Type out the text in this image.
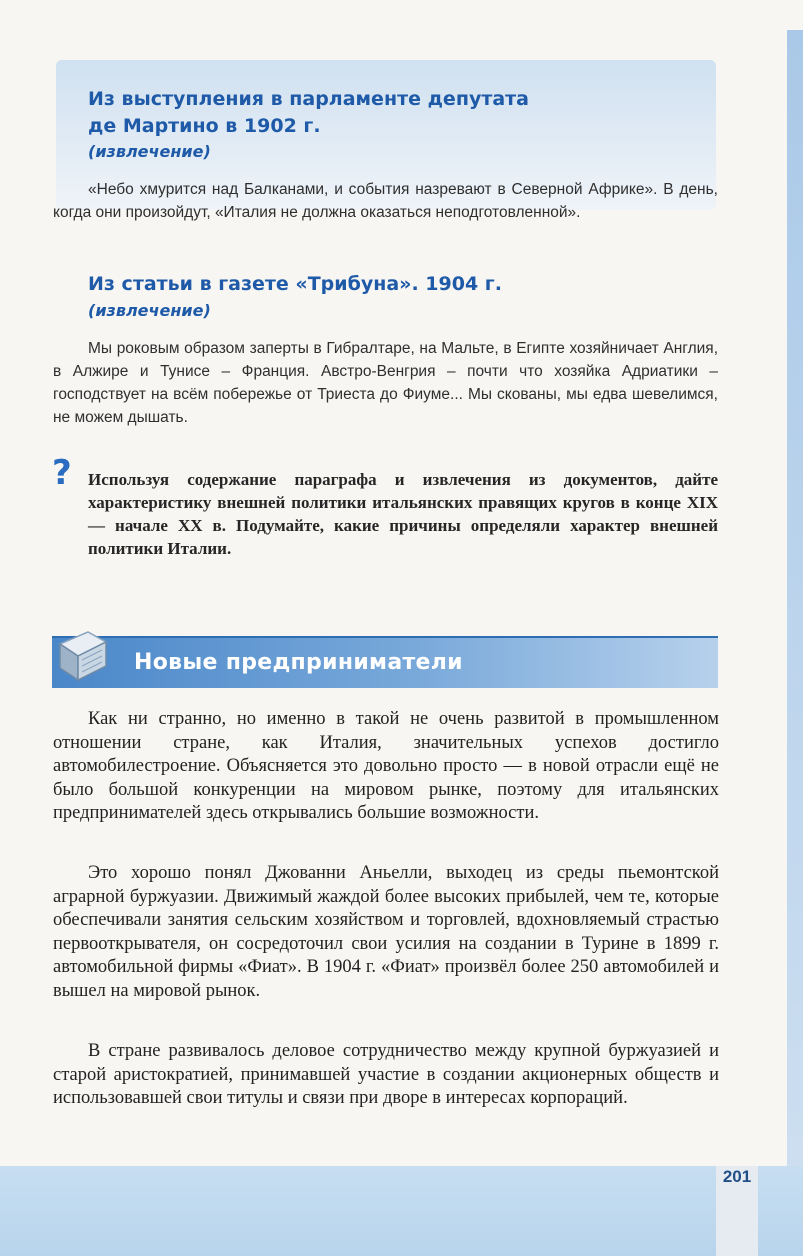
Из выступления в парламенте депутата
де Мартино в 1902 г.

(извлечение)

«Небо хмурится над Балканами, и события назревают в Северной Африке». В день, когда они произойдут, «Италия не должна оказаться неподготовленной».

Из статьи в газете «Трибуна». 1904 г.

(извлечение)

Мы роковым образом заперты в Гибралтаре, на Мальте, в Египте хозяйничает Англия, в Алжире и Тунисе – Франция. Австро-Венгрия – почти что хозяйка Адриатики – господствует на всём побережье от Триеста до Фиуме... Мы скованы, мы едва шевелимся, не можем дышать.

? Используя содержание параграфа и извлечения из документов, дайте характеристику внешней политики итальянских правящих кругов в конце XIX — начале XX в. Подумайте, какие причины определяли характер внешней политики Италии.

Новые предприниматели

Как ни странно, но именно в такой не очень развитой в промышленном отношении стране, как Италия, значительных успехов достигло автомобилестроение. Объясняется это довольно просто — в новой отрасли ещё не было большой конкуренции на мировом рынке, поэтому для итальянских предпринимателей здесь открывались большие возможности.

Это хорошо понял Джованни Аньелли, выходец из среды пьемонтской аграрной буржуазии. Движимый жаждой более высоких прибылей, чем те, которые обеспечивали занятия сельским хозяйством и торговлей, вдохновляемый страстью первооткрывателя, он сосредоточил свои усилия на создании в Турине в 1899 г. автомобильной фирмы «Фиат». В 1904 г. «Фиат» произвёл более 250 автомобилей и вышел на мировой рынок.

В стране развивалось деловое сотрудничество между крупной буржуазией и старой аристократией, принимавшей участие в создании акционерных обществ и использовавшей свои титулы и связи при дворе в интересах корпораций.

201
